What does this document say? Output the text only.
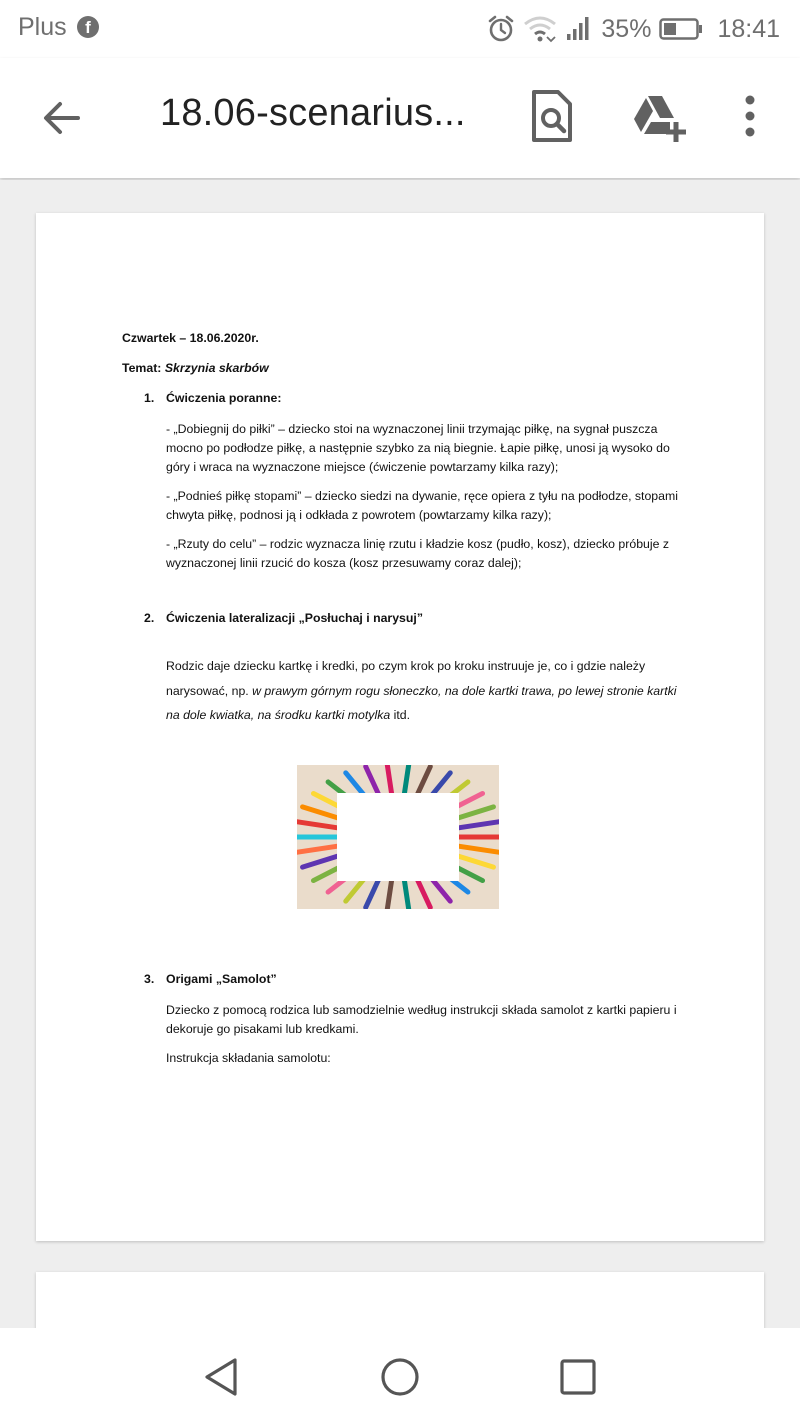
Plus	f	35%	18:41
18.06-scenarius...

Czwartek – 18.06.2020r.

Temat: Skrzynia skarbów

1. Ćwiczenia poranne:

- „Dobiegnij do piłki” – dziecko stoi na wyznaczonej linii trzymając piłkę, na sygnał puszcza mocno po podłodze piłkę, a następnie szybko za nią biegnie. Łapie piłkę, unosi ją wysoko do góry i wraca na wyznaczone miejsce (ćwiczenie powtarzamy kilka razy);

- „Podnieś piłkę stopami” – dziecko siedzi na dywanie, ręce opiera z tyłu na podłodze, stopami chwyta piłkę, podnosi ją i odkłada z powrotem (powtarzamy kilka razy);

- „Rzuty do celu” – rodzic wyznacza linię rzutu i kładzie kosz (pudło, kosz), dziecko próbuje z wyznaczonej linii rzucić do kosza (kosz przesuwamy coraz dalej);

2. Ćwiczenia lateralizacji „Posłuchaj i narysuj”

Rodzic daje dziecku kartkę i kredki, po czym krok po kroku instruuje je, co i gdzie należy narysować, np. w prawym górnym rogu słoneczko, na dole kartki trawa, po lewej stronie kartki na dole kwiatka, na środku kartki motylka itd.

3. Origami „Samolot”

Dziecko z pomocą rodzica lub samodzielnie według instrukcji składa samolot z kartki papieru i dekoruje go pisakami lub kredkami.

Instrukcja składania samolotu:
